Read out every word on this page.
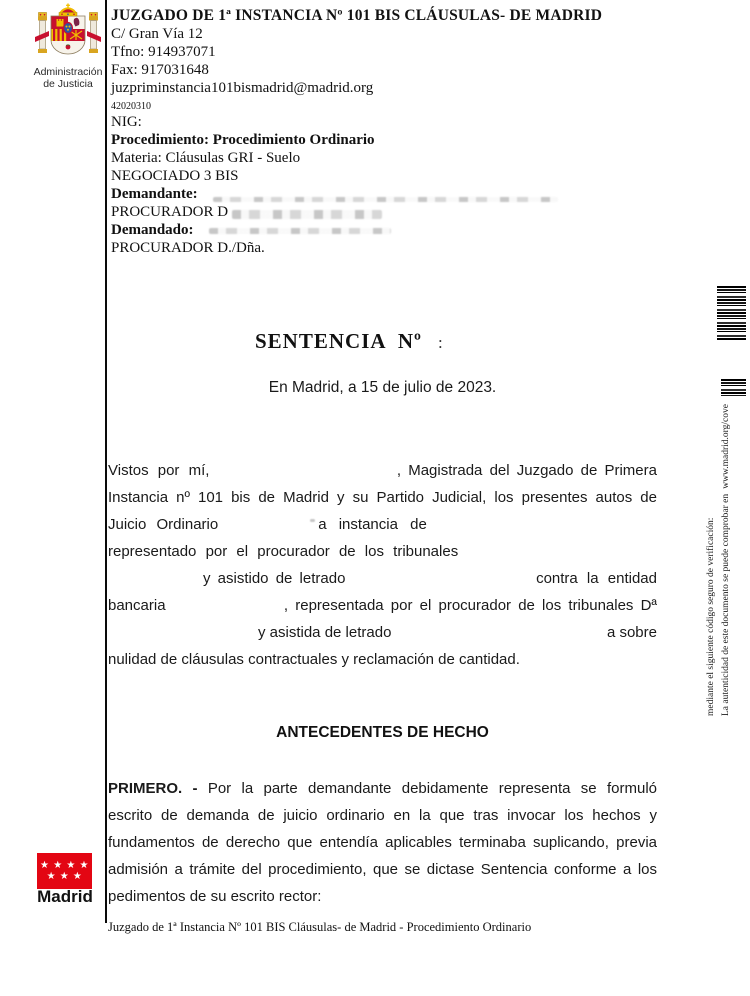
Administración
de Justicia
JUZGADO DE 1ª INSTANCIA Nº 101 BIS CLÁUSULAS- DE MADRID
C/ Gran Vía 12
Tfno: 914937071
Fax: 917031648
juzpriminstancia101bismadrid@madrid.org
42020310
NIG:
Procedimiento: Procedimiento Ordinario
Materia: Cláusulas GRI - Suelo
NEGOCIADO 3 BIS
Demandante:
PROCURADOR D
Demandado:
PROCURADOR D./Dña.
SENTENCIA  Nº :
En Madrid, a 15 de julio de 2023.
Vistos por mí,	, Magistrada del Juzgado de Primera
Instancia nº 101 bis de Madrid y su Partido Judicial, los presentes autos de
Juicio Ordinario	a instancia de
representado por el procurador de los tribunales
y asistido de letrado	contra la entidad
bancaria	, representada por el procurador de los tribunales Dª
y asistida de letrado	a sobre
nulidad de cláusulas contractuales y reclamación de cantidad.
ANTECEDENTES DE HECHO
PRIMERO. - Por la parte demandante debidamente representa se formuló
escrito de demanda de juicio ordinario en la que tras invocar los hechos y
fundamentos de derecho que entendía aplicables terminaba suplicando, previa
admisión a trámite del procedimiento, que se dictase Sentencia conforme a los
pedimentos de su escrito rector:
★ ★ ★ ★
★ ★ ★
Madrid
Juzgado de 1ª Instancia Nº 101 BIS Cláusulas- de Madrid - Procedimiento Ordinario
La autenticidad de este documento se puede comprobar en
www.madrid.org/cove
mediante el siguiente código seguro de verificación:
